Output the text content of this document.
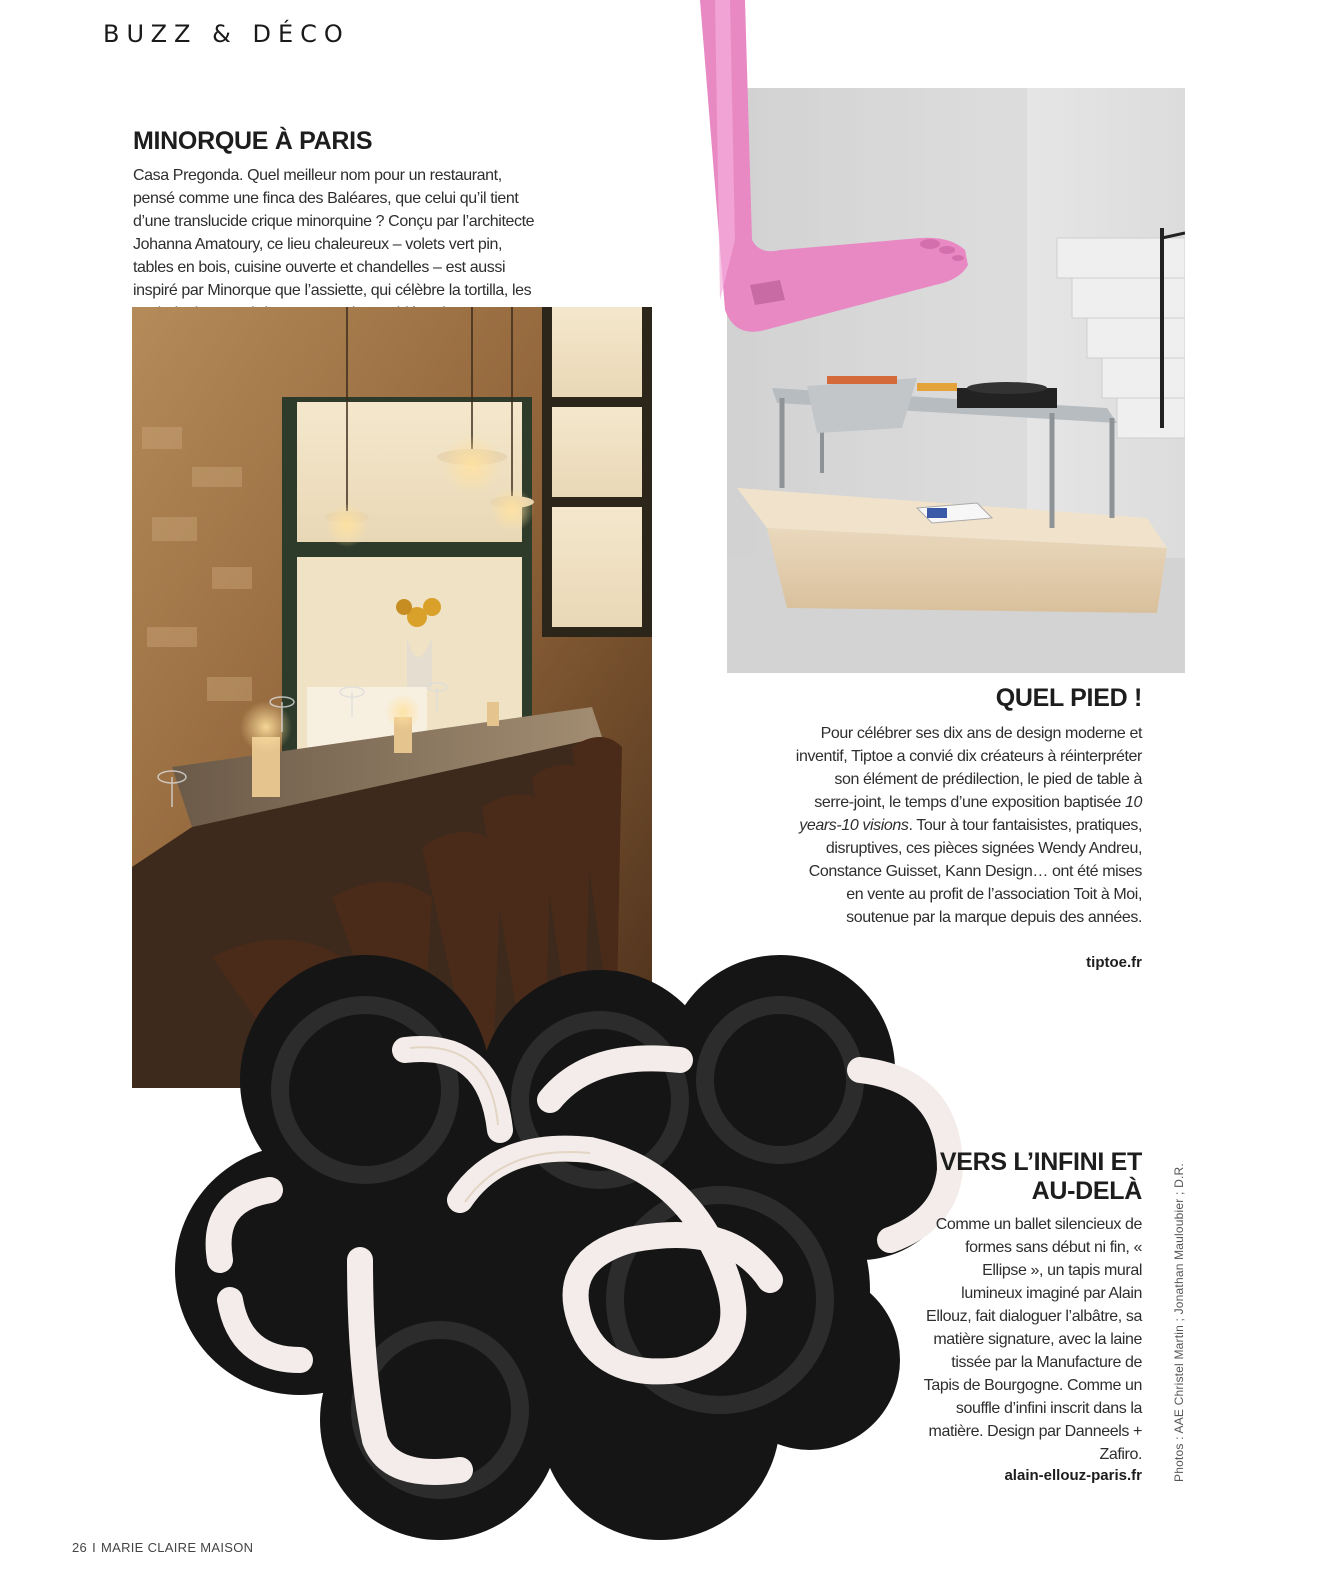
BUZZ & DÉCO
MINORQUE À PARIS
Casa Pregonda. Quel meilleur nom pour un restaurant, pensé comme une finca des Baléares, que celui qu’il tient d’une translucide crique minorquine ? Conçu par l’architecte Johanna Amatoury, ce lieu chaleureux – volets vert pin, tables en bois, cuisine ouverte et chandelles – est aussi inspiré par Minorque que l’assiette, qui célèbre la tortilla, les
QUEL PIED !
Pour célébrer ses dix ans de design moderne et inventif, Tiptoe a convié dix créateurs à réinterpréter son élément de prédilection, le pied de table à serre-joint, le temps d’une exposition baptisée 10 years-10 visions. Tour à tour fantaisistes, pratiques, disruptives, ces pièces signées Wendy Andreu, Constance Guisset, Kann Design… ont été mises en vente au profit de l’association Toit à Moi, soutenue par la marque depuis des années.
tiptoe.fr
VERS L’INFINI ET AU-DELÀ
Comme un ballet silencieux de formes sans début ni fin, « Ellipse », un tapis mural lumineux imaginé par Alain Ellouz, fait dialoguer l’albâtre, sa matière signature, avec la laine tissée par la Manufacture de Tapis de Bourgogne. Comme un souffle d’infini inscrit dans la matière. Design par Danneels + Zafiro.
alain-ellouz-paris.fr	Photos : AAE Christel Martin ; Jonathan Mauloubier ; D.R.
26 I MARIE CLAIRE MAISON
